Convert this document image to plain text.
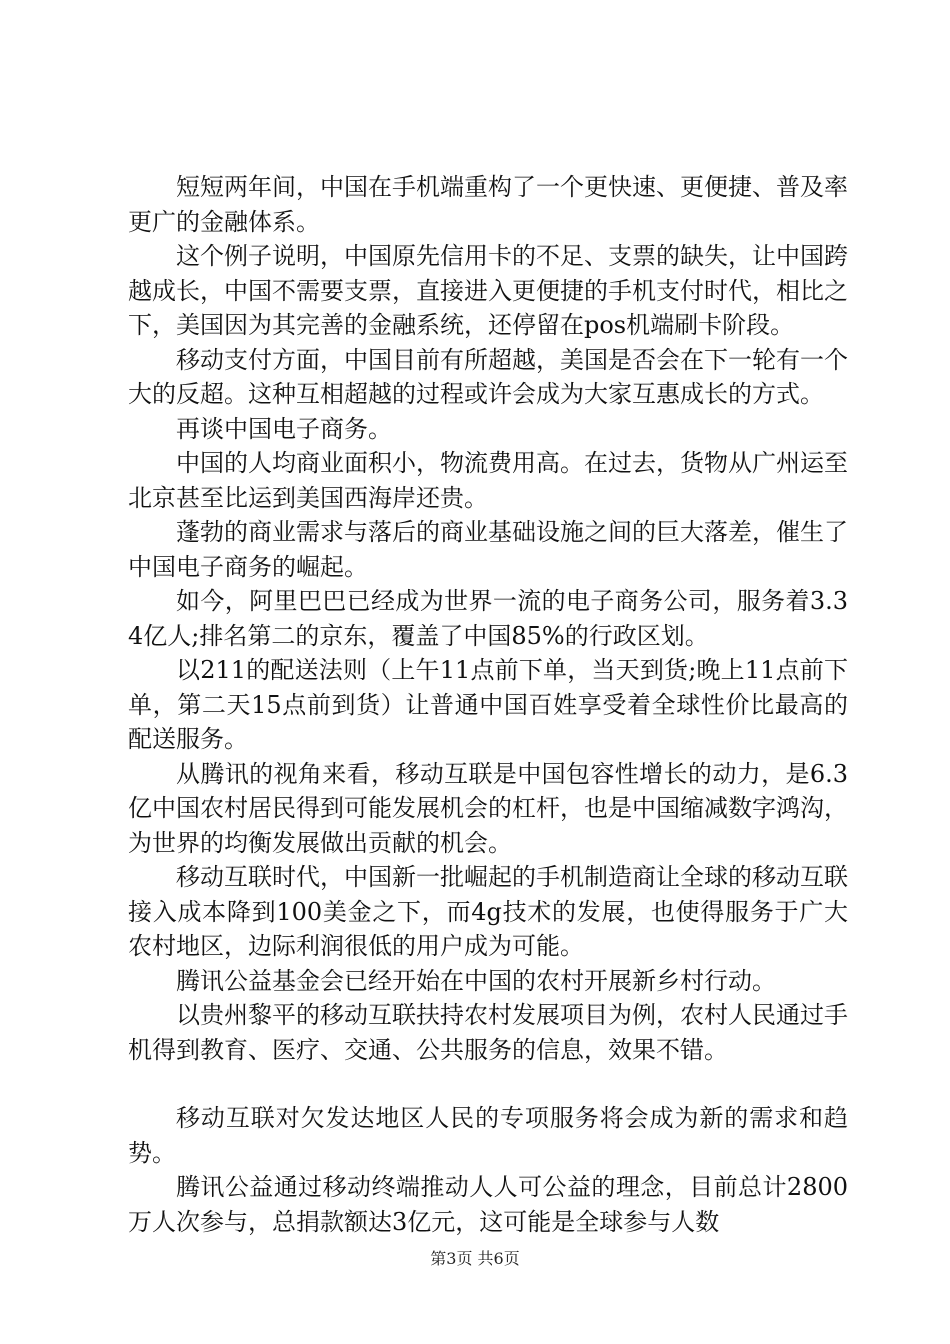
短短两年间，中国在手机端重构了一个更快速、更便捷、普及率更广的金融体系。

这个例子说明，中国原先信用卡的不足、支票的缺失，让中国跨越成长，中国不需要支票，直接进入更便捷的手机支付时代，相比之下，美国因为其完善的金融系统，还停留在pos机端刷卡阶段。

移动支付方面，中国目前有所超越，美国是否会在下一轮有一个大的反超。这种互相超越的过程或许会成为大家互惠成长的方式。

再谈中国电子商务。

中国的人均商业面积小，物流费用高。在过去，货物从广州运至北京甚至比运到美国西海岸还贵。

蓬勃的商业需求与落后的商业基础设施之间的巨大落差，催生了中国电子商务的崛起。

如今，阿里巴巴已经成为世界一流的电子商务公司，服务着3.34亿人;排名第二的京东，覆盖了中国85%的行政区划。

以211的配送法则（上午11点前下单，当天到货;晚上11点前下单，第二天15点前到货）让普通中国百姓享受着全球性价比最高的配送服务。

从腾讯的视角来看，移动互联是中国包容性增长的动力，是6.3亿中国农村居民得到可能发展机会的杠杆，也是中国缩减数字鸿沟，为世界的均衡发展做出贡献的机会。

移动互联时代，中国新一批崛起的手机制造商让全球的移动互联接入成本降到100美金之下，而4g技术的发展，也使得服务于广大农村地区，边际利润很低的用户成为可能。

腾讯公益基金会已经开始在中国的农村开展新乡村行动。

以贵州黎平的移动互联扶持农村发展项目为例，农村人民通过手机得到教育、医疗、交通、公共服务的信息，效果不错。

移动互联对欠发达地区人民的专项服务将会成为新的需求和趋势。

腾讯公益通过移动终端推动人人可公益的理念，目前总计2800万人次参与，总捐款额达3亿元，这可能是全球参与人数

第3页 共6页
